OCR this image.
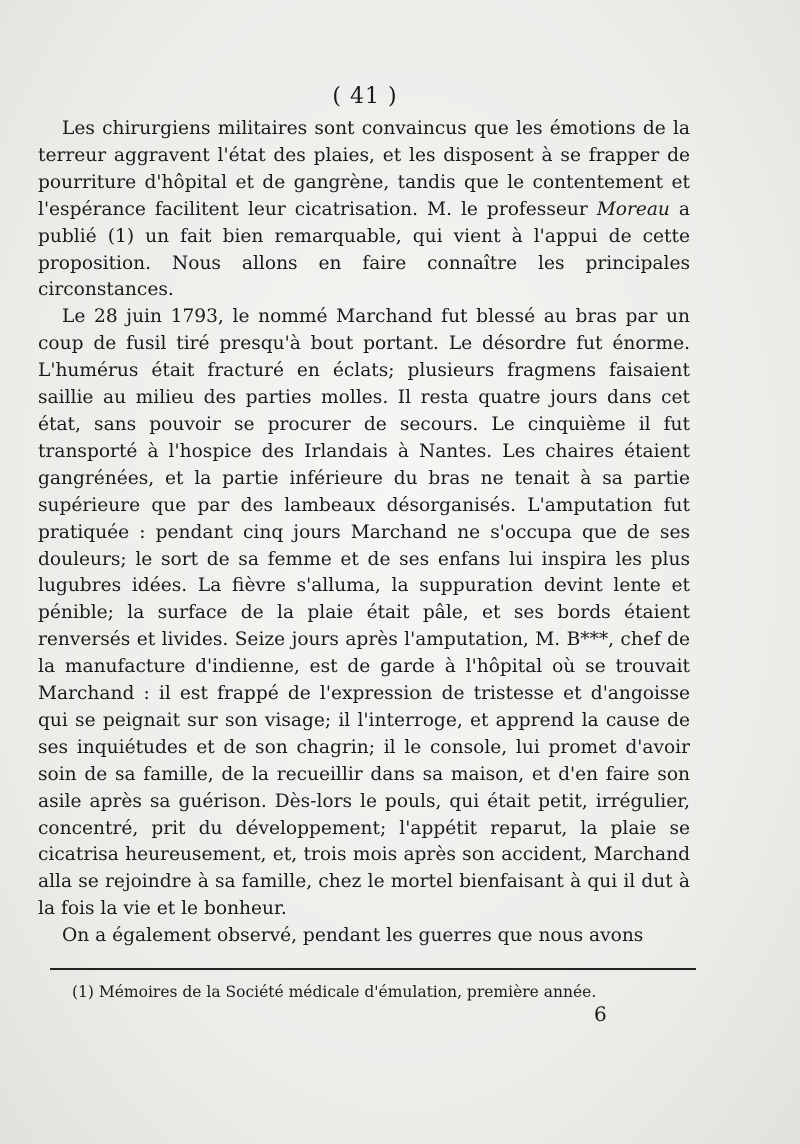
( 41 )

Les chirurgiens militaires sont convaincus que les émotions de la terreur aggravent l'état des plaies, et les disposent à se frapper de pourriture d'hôpital et de gangrène, tandis que le contentement et l'espérance facilitent leur cicatrisation. M. le professeur Moreau a publié (1) un fait bien remarquable, qui vient à l'appui de cette proposition. Nous allons en faire connaître les principales circonstances.

Le 28 juin 1793, le nommé Marchand fut blessé au bras par un coup de fusil tiré presqu'à bout portant. Le désordre fut énorme. L'humérus était fracturé en éclats; plusieurs fragmens faisaient saillie au milieu des parties molles. Il resta quatre jours dans cet état, sans pouvoir se procurer de secours. Le cinquième il fut transporté à l'hospice des Irlandais à Nantes. Les chaires étaient gangrénées, et la partie inférieure du bras ne tenait à sa partie supérieure que par des lambeaux désorganisés. L'amputation fut pratiquée : pendant cinq jours Marchand ne s'occupa que de ses douleurs; le sort de sa femme et de ses enfans lui inspira les plus lugubres idées. La fièvre s'alluma, la suppuration devint lente et pénible; la surface de la plaie était pâle, et ses bords étaient renversés et livides. Seize jours après l'amputation, M. B***, chef de la manufacture d'indienne, est de garde à l'hôpital où se trouvait Marchand : il est frappé de l'expression de tristesse et d'angoisse qui se peignait sur son visage; il l'interroge, et apprend la cause de ses inquiétudes et de son chagrin; il le console, lui promet d'avoir soin de sa famille, de la recueillir dans sa maison, et d'en faire son asile après sa guérison. Dès-lors le pouls, qui était petit, irrégulier, concentré, prit du développement; l'appétit reparut, la plaie se cicatrisa heureusement, et, trois mois après son accident, Marchand alla se rejoindre à sa famille, chez le mortel bienfaisant à qui il dut à la fois la vie et le bonheur.

On a également observé, pendant les guerres que nous avons

(1) Mémoires de la Société médicale d'émulation, première année.
6
